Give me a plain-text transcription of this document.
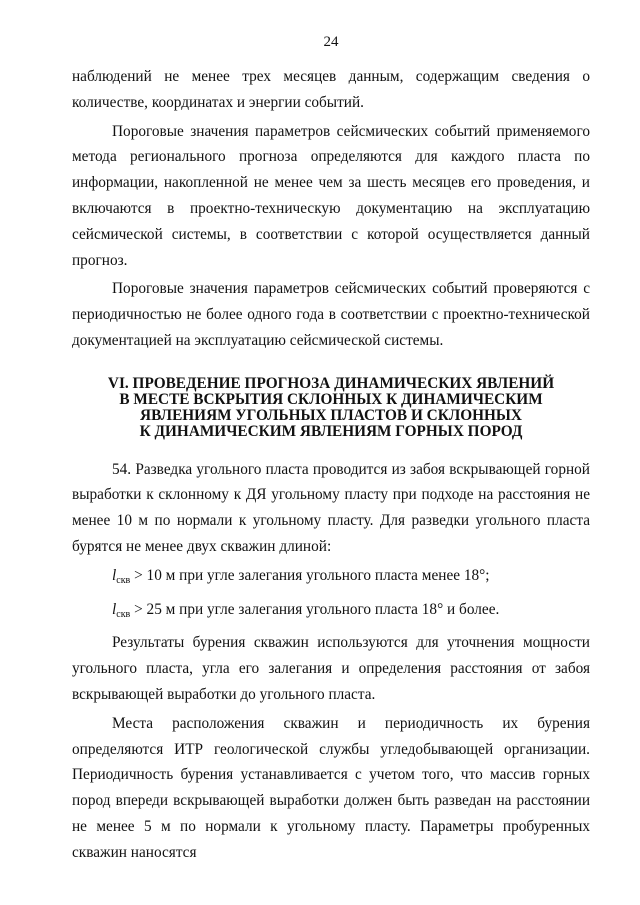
24

наблюдений не менее трех месяцев данным, содержащим сведения о количестве, координатах и энергии событий.

Пороговые значения параметров сейсмических событий применяемого метода регионального прогноза определяются для каждого пласта по информации, накопленной не менее чем за шесть месяцев его проведения, и включаются в проектно-техническую документацию на эксплуатацию сейсмической системы, в соответствии с которой осуществляется данный прогноз.

Пороговые значения параметров сейсмических событий проверяются с периодичностью не более одного года в соответствии с проектно-технической документацией на эксплуатацию сейсмической системы.

VI. ПРОВЕДЕНИЕ ПРОГНОЗА ДИНАМИЧЕСКИХ ЯВЛЕНИЙ
В МЕСТЕ ВСКРЫТИЯ СКЛОННЫХ К ДИНАМИЧЕСКИМ
ЯВЛЕНИЯМ УГОЛЬНЫХ ПЛАСТОВ И СКЛОННЫХ
К ДИНАМИЧЕСКИМ ЯВЛЕНИЯМ ГОРНЫХ ПОРОД

54. Разведка угольного пласта проводится из забоя вскрывающей горной выработки к склонному к ДЯ угольному пласту при подходе на расстояния не менее 10 м по нормали к угольному пласту. Для разведки угольного пласта бурятся не менее двух скважин длиной:

$l_{скв} > 10$ м при угле залегания угольного пласта менее 18°;

$l_{скв} > 25$ м при угле залегания угольного пласта 18° и более.

Результаты бурения скважин используются для уточнения мощности угольного пласта, угла его залегания и определения расстояния от забоя вскрывающей выработки до угольного пласта.

Места расположения скважин и периодичность их бурения определяются ИТР геологической службы угледобывающей организации. Периодичность бурения устанавливается с учетом того, что массив горных пород впереди вскрывающей выработки должен быть разведан на расстоянии не менее 5 м по нормали к угольному пласту. Параметры пробуренных скважин наносятся
